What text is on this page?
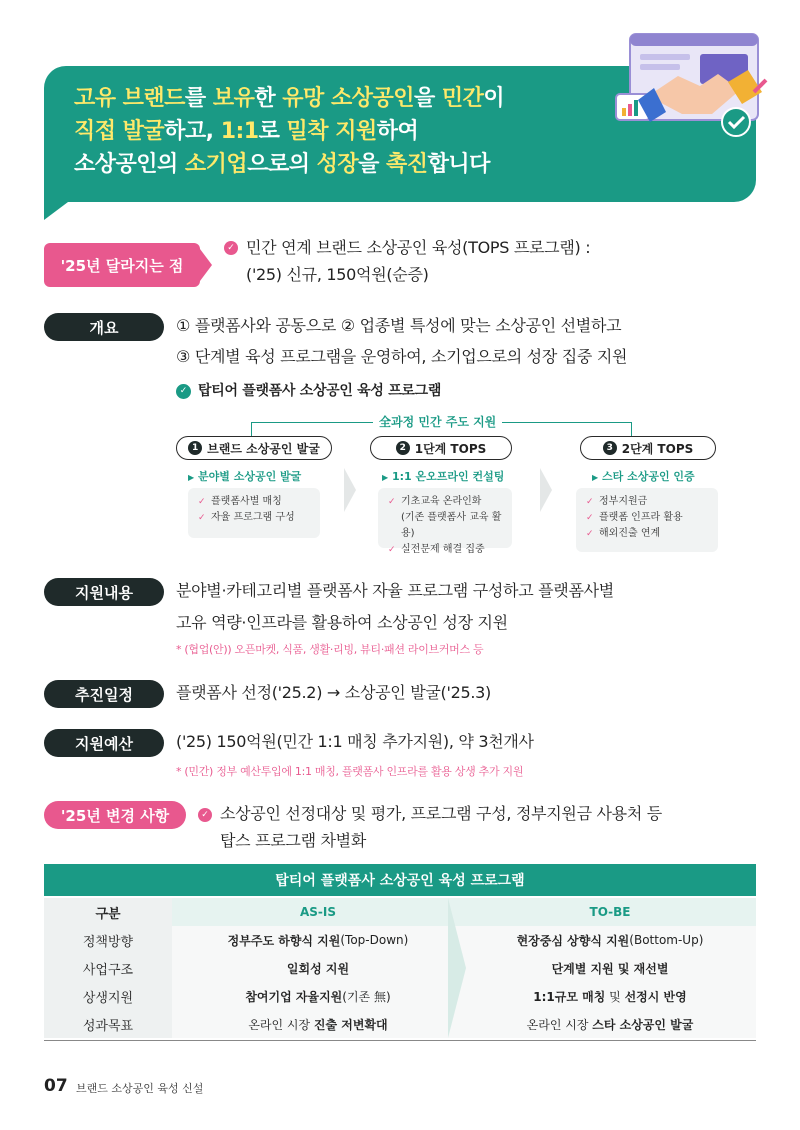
고유 브랜드를 보유한 유망 소상공인을 민간이
직접 발굴하고, 1:1로 밀착 지원하여
소상공인의 소기업으로의 성장을 촉진합니다
'25년 달라지는 점
✓ 민간 연계 브랜드 소상공인 육성(TOPS 프로그램) :
('25) 신규, 150억원(순증)
개요	① 플랫폼사와 공동으로 ② 업종별 특성에 맞는 소상공인 선별하고
③ 단계별 육성 프로그램을 운영하여, 소기업으로의 성장 집중 지원
✓ 탑티어 플랫폼사 소상공인 육성 프로그램
全과정 민간 주도 지원
1 브랜드 소상공인 발굴	2 1단계 TOPS	3 2단계 TOPS
▶ 분야별 소상공인 발굴	▶ 1:1 온오프라인 컨설팅	▶ 스타 소상공인 인증
✓ 플랫폼사별 매칭
✓ 자율 프로그램 구성
✓ 기초교육 온라인화
(기존 플랫폼사 교육 활용)
✓ 실전문제 해결 집중
✓ 정부지원금
✓ 플랫폼 인프라 활용
✓ 해외진출 연계
지원내용	분야별·카테고리별 플랫폼사 자율 프로그램 구성하고 플랫폼사별
고유 역량·인프라를 활용하여 소상공인 성장 지원
* (협업(안)) 오픈마켓, 식품, 생활·리빙, 뷰티·패션 라이브커머스 등
추진일정	플랫폼사 선정('25.2) → 소상공인 발굴('25.3)
지원예산	('25) 150억원(민간 1:1 매칭 추가지원), 약 3천개사
* (민간) 정부 예산투입에 1:1 매칭, 플랫폼사 인프라를 활용 상생 추가 지원
'25년 변경 사항	✓ 소상공인 선정대상 및 평가, 프로그램 구성, 정부지원금 사용처 등
탑스 프로그램 차별화
탑티어 플랫폼사 소상공인 육성 프로그램
구분	AS-IS	TO-BE
정책방향	정부주도 하향식 지원 (Top-Down)	현장중심 상향식 지원 (Bottom-Up)
사업구조	일회성 지원	단계별 지원 및 재선별
상생지원	참여기업 자율지원 (기존 無)	1:1규모 매칭 및 선정시 반영
성과목표	온라인 시장 진출 저변확대	온라인 시장 스타 소상공인 발굴
07 브랜드 소상공인 육성 신설
